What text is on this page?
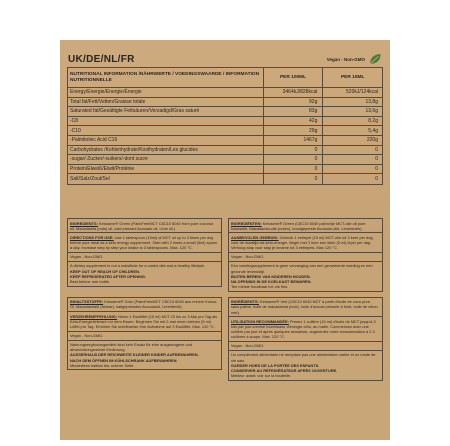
UK/DE/NL/FR	Vegan - Non-GMO
NUTRITIONAL INFORMATION /NÄHRWERTE / VOEDINGSWAARDE / INFORMATION NUTRITIONNELLE
PER 100ML	PER 15ML
Energy/Energie/Energie/Énergie	3464kJ/828kcal	520kJ/124kcal
Total fat/Fett/Vetten/Graisse totale	92g	13,8g
Saturated fat/Gesättigte Fettsäuren/Verzadigd/Gras saturé	83g	13,6g
-C8	42g	8,2g
-C10	29g	5,4g
-Palmitoleic Acid C16	1467g	220g
Carbohydrates /Kohlenhydrate/Koolhydraten/Les glucides	0	0
-sugar/-Zucker/-suikers/-dont sucre	0	0
Protein/Eiweiß/Eiwit/Protéine	0	0
Salt/Salz/Zout/Sel	0	0
INGREDIENTS: Ketosene® Green (PalmFreeMCT C8C10 6040 from pure coconut oil, Macadamia (nuts) oil, cold pressed Avocado oil, Lime oil.)
DIRECTIONS FOR USE: Use 1 tablespoon (15ml) of MCT oil up to 3 times per day before your meal as a keto energy supplement. Start with 2 times a small (5ml) spoon a day. Increase step by step your intake to 3 tablespoons. Max. 120 °C.
Vegan - Non-GMO.
A dietary supplement is not a substitute for a varied diet and a healthy lifestyle.
KEEP OUT OF REACH OF CHILDREN.
KEEP REFRIGERATED AFTER OPENING.
Best before: see bottle.
INGREDIËNTEN: Ketosene® Green (C8C10 6040 palmvrije MCT-olie uit pure kokosolie, Macadamia-olie (noten), koudgeperste Avocado-olie, Limeneolie).
AANBEVOLEN GEBRUIK: Gebruik 1 eetlepel (15 ml) MCT-olie tot 3 keer per dag vóór de maaltijd als keto-energie. Begin met 2 keer een klein (5 ml) lepel per dag. Verhoog stap voor stap je inname tot 3 eetlepels. Max 120 °C.
Vegan - Non-GMO.
Een voedingssupplement is geen vervanging van een gevarieerde voeding en een gezonde levensstijl.
BUITEN BEREIK VAN KINDEREN HOUDEN.
NA OPENING IN DE KOELKAST BEWAREN.
Ten minste houdbaar tot: zie fles.
INHALTSSTOFFE: Ketosene® Grün (PalmFreeMCT C8C10 6040 aus reinem Kokos-Öl, Macadamiaöl (Nüsse), kaltgepresstes Avocadoöl, Limettenöl).
VERZEHREMPFEHLUNG: Nimm 1 Esslöffel (15 ml) MCT-Öl bis zu 3-Mal pro Tag als Keto-Energielieferant vor dem Essen. Beginnen Sie mit 2-mal einen kleinen (5 ml) Löffel pro Tag. Erhöhen Sie schrittweise Ihre Aufnahme auf 3 Esslöffel. Max. 120 °C.
Vegan - Non-GMO.
Nahrungsergänzungsmittel sind kein Ersatz für eine ausgewogene und abwechslungsreiche Ernährung.
AUSSERHALB DER REICHWEITE KLEINER KINDER AUFBEWAHREN.
NACH DEM ÖFFNEN IM KÜHLSCHRANK AUFBEWAHREN.
Mindestens haltbar bis: unterer Seite.
INGRÉDIENTS: Ketosene® Vert (C8C10 6040 MCT à partir d'huile de coco pure, sans palme, huile de macadamia (noix), huile d'avocat pressée à froid, huile de citron vert).
UTILISATION RECOMMANDÉE: Prenez 1 cuillère (15 ml) d'huile de MCT jusqu'à 3 fois par jour comme fournisseur d'énergie céto, au matin. Commencez avec une cuillère par jour et après quelques semaines, augmentez votre consommation à 2-3 cuillères à soupe. Max. 120 °C.
Vegan - Non-GMO.
Un complément alimentaire ne remplace pas une alimentation variée et un mode de vie sain.
GARDER HORS DE LA PORTÉE DES ENFANTS.
CONSERVER AU RÉFRIGÉRATEUR APRÈS OUVERTURE.
Meilleur avant: voir sur la bouteille.
